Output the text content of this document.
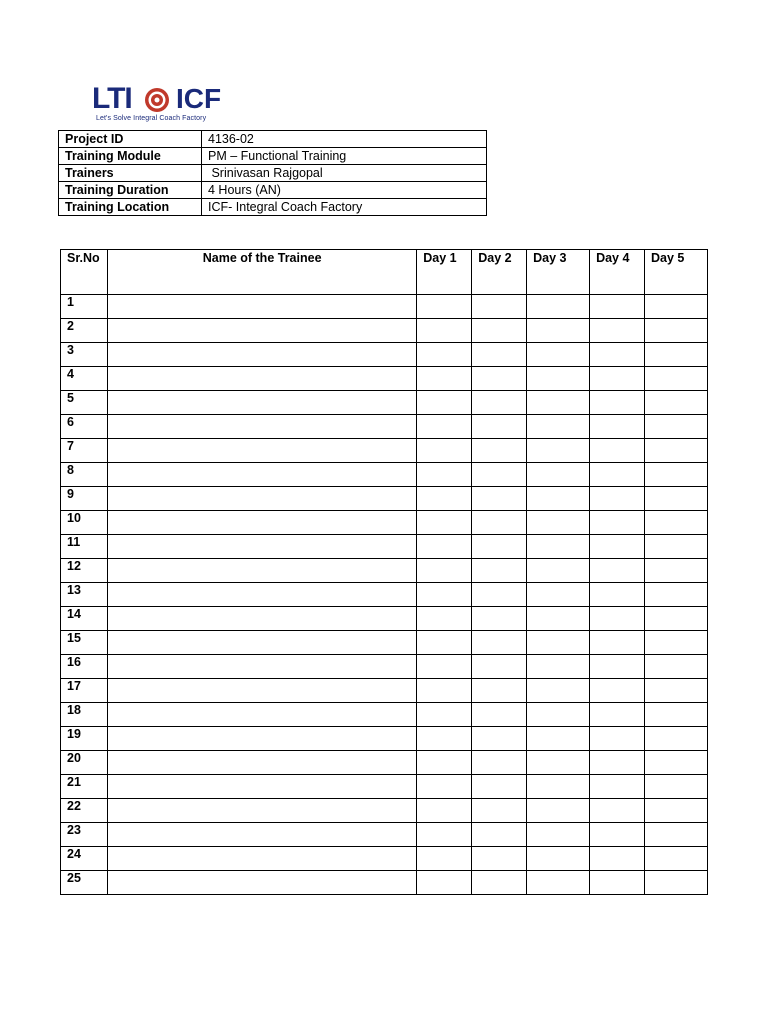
LTI ICF
Let's Solve Integral Coach Factory
Project ID	4136-02
Training Module	PM – Functional Training
Trainers	Srinivasan Rajgopal
Training Duration	4 Hours (AN)
Training Location	ICF- Integral Coach Factory
Sr.No	Name of the Trainee	Day 1	Day 2	Day 3	Day 4	Day 5
1						
2						
3						
4						
5						
6						
7						
8						
9						
10						
11						
12						
13						
14						
15						
16						
17						
18						
19						
20						
21						
22						
23						
24						
25						
